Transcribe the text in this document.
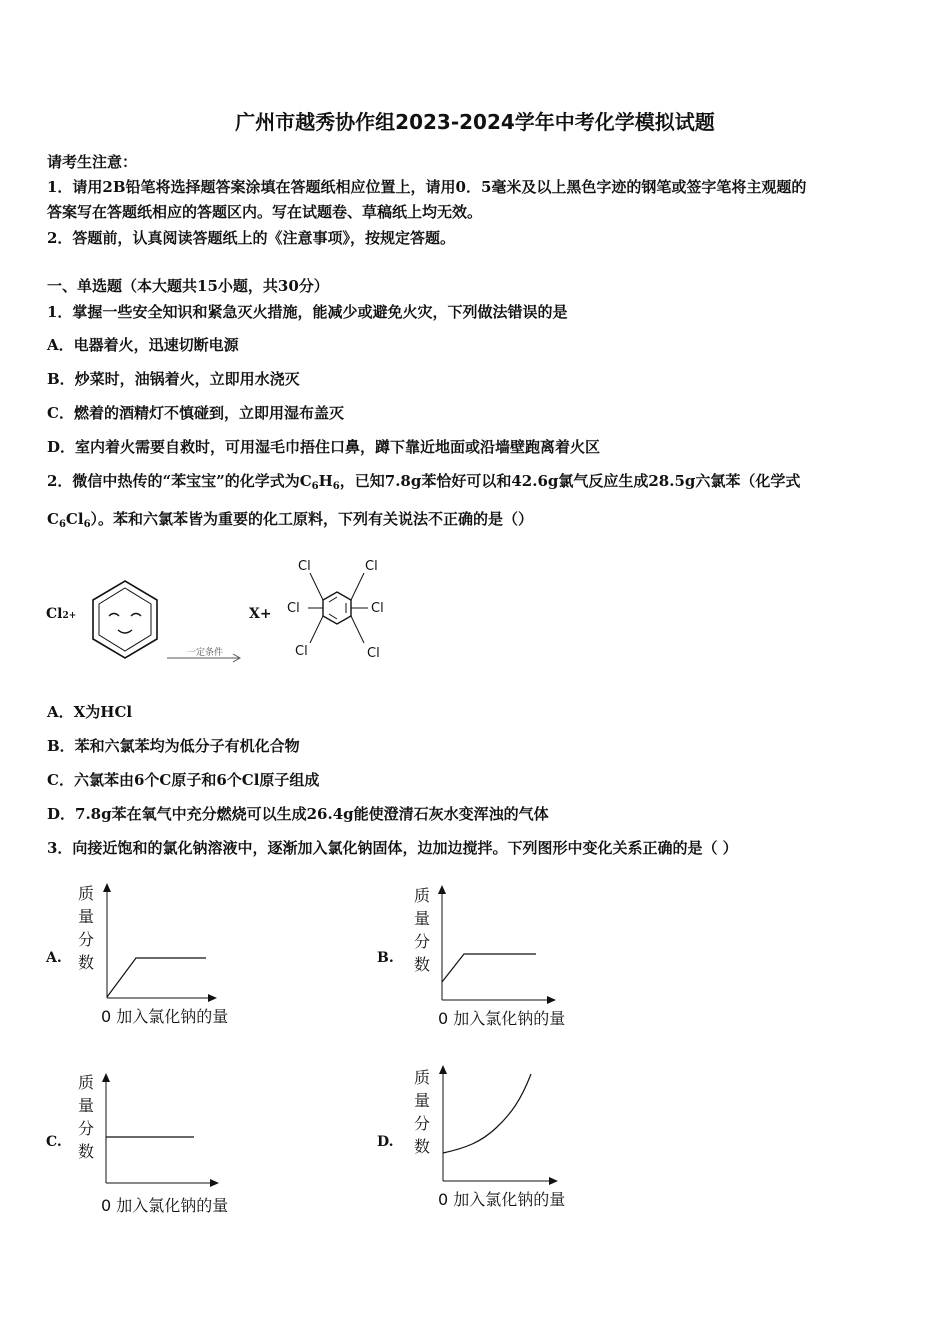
广州市越秀协作组2023-2024学年中考化学模拟试题
请考生注意：
1．请用2B铅笔将选择题答案涂填在答题纸相应位置上，请用0．5毫米及以上黑色字迹的钢笔或签字笔将主观题的
答案写在答题纸相应的答题区内。写在试题卷、草稿纸上均无效。
2．答题前，认真阅读答题纸上的《注意事项》，按规定答题。
一、单选题（本大题共15小题，共30分）
1．掌握一些安全知识和紧急灭火措施，能减少或避免火灾，下列做法错误的是
A．电器着火，迅速切断电源
B．炒菜时，油锅着火，立即用水浇灭
C．燃着的酒精灯不慎碰到，立即用湿布盖灭
D．室内着火需要自救时，可用湿毛巾捂住口鼻，蹲下靠近地面或沿墙壁跑离着火区
2．微信中热传的“苯宝宝”的化学式为$C_6H_6$，已知7.8g苯恰好可以和42.6g氯气反应生成28.5g六氯苯（化学式
$C_6Cl_6$）。苯和六氯苯皆为重要的化工原料，下列有关说法不正确的是（）
Cl2+
一定条件
X+
Cl	Cl
Cl	Cl
Cl	Cl
A．X为HCl
B．苯和六氯苯均为低分子有机化合物
C．六氯苯由6个C原子和6个Cl原子组成
D．7.8g苯在氧气中充分燃烧可以生成26.4g能使澄清石灰水变浑浊的气体
3．向接近饱和的氯化钠溶液中，逐渐加入氯化钠固体，边加边搅拌。下列图形中变化关系正确的是（ ）
A.
质
量
分
数
0 加入氯化钠的量
B.
质
量
分
数
0 加入氯化钠的量
C.
质
量
分
数
0 加入氯化钠的量
D.
质
量
分
数
0 加入氯化钠的量
